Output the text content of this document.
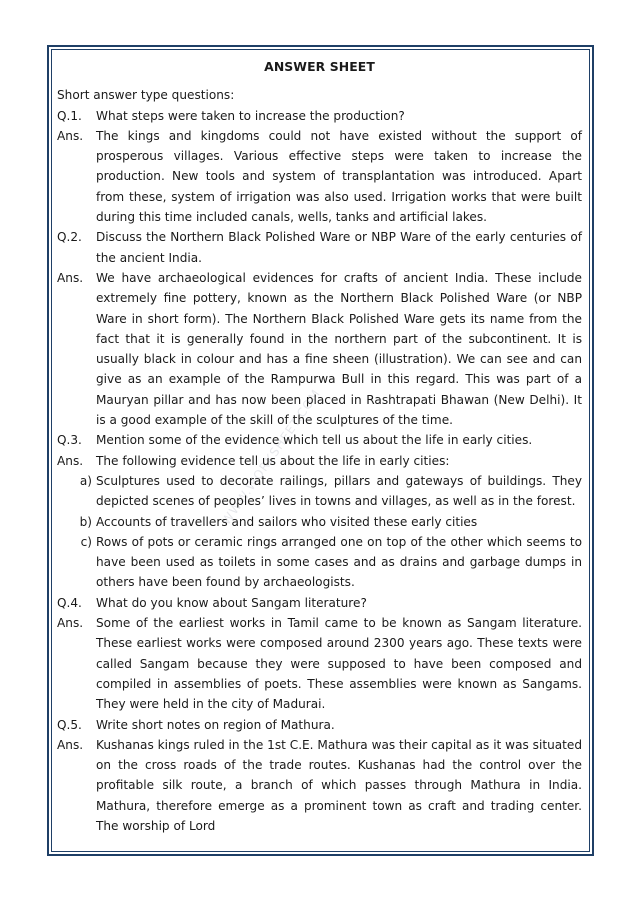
WWW.WORKSHEET.COM
ANSWER SHEET

Short answer type questions:

Q.1.	What steps were taken to increase the production?
Ans.	The kings and kingdoms could not have existed without the support of prosperous villages. Various effective steps were taken to increase the production. New tools and system of transplantation was introduced. Apart from these, system of irrigation was also used. Irrigation works that were built during this time included canals, wells, tanks and artificial lakes.
Q.2.	Discuss the Northern Black Polished Ware or NBP Ware of the early centuries of the ancient India.
Ans.	We have archaeological evidences for crafts of ancient India. These include extremely fine pottery, known as the Northern Black Polished Ware (or NBP Ware in short form). The Northern Black Polished Ware gets its name from the fact that it is generally found in the northern part of the subcontinent. It is usually black in colour and has a fine sheen (illustration). We can see and can give as an example of the Rampurwa Bull in this regard. This was part of a Mauryan pillar and has now been placed in Rashtrapati Bhawan (New Delhi). It is a good example of the skill of the sculptures of the time.
Q.3.	Mention some of the evidence which tell us about the life in early cities.
Ans.	The following evidence tell us about the life in early cities:
a) Sculptures used to decorate railings, pillars and gateways of buildings. They depicted scenes of peoples’ lives in towns and villages, as well as in the forest.
b) Accounts of travellers and sailors who visited these early cities
c) Rows of pots or ceramic rings arranged one on top of the other which seems to have been used as toilets in some cases and as drains and garbage dumps in others have been found by archaeologists.
Q.4.	What do you know about Sangam literature?
Ans.	Some of the earliest works in Tamil came to be known as Sangam literature. These earliest works were composed around 2300 years ago. These texts were called Sangam because they were supposed to have been composed and compiled in assemblies of poets. These assemblies were known as Sangams. They were held in the city of Madurai.
Q.5.	Write short notes on region of Mathura.
Ans.	Kushanas kings ruled in the 1st C.E. Mathura was their capital as it was situated on the cross roads of the trade routes. Kushanas had the control over the profitable silk route, a branch of which passes through Mathura in India. Mathura, therefore emerge as a prominent town as craft and trading center. The worship of Lord
